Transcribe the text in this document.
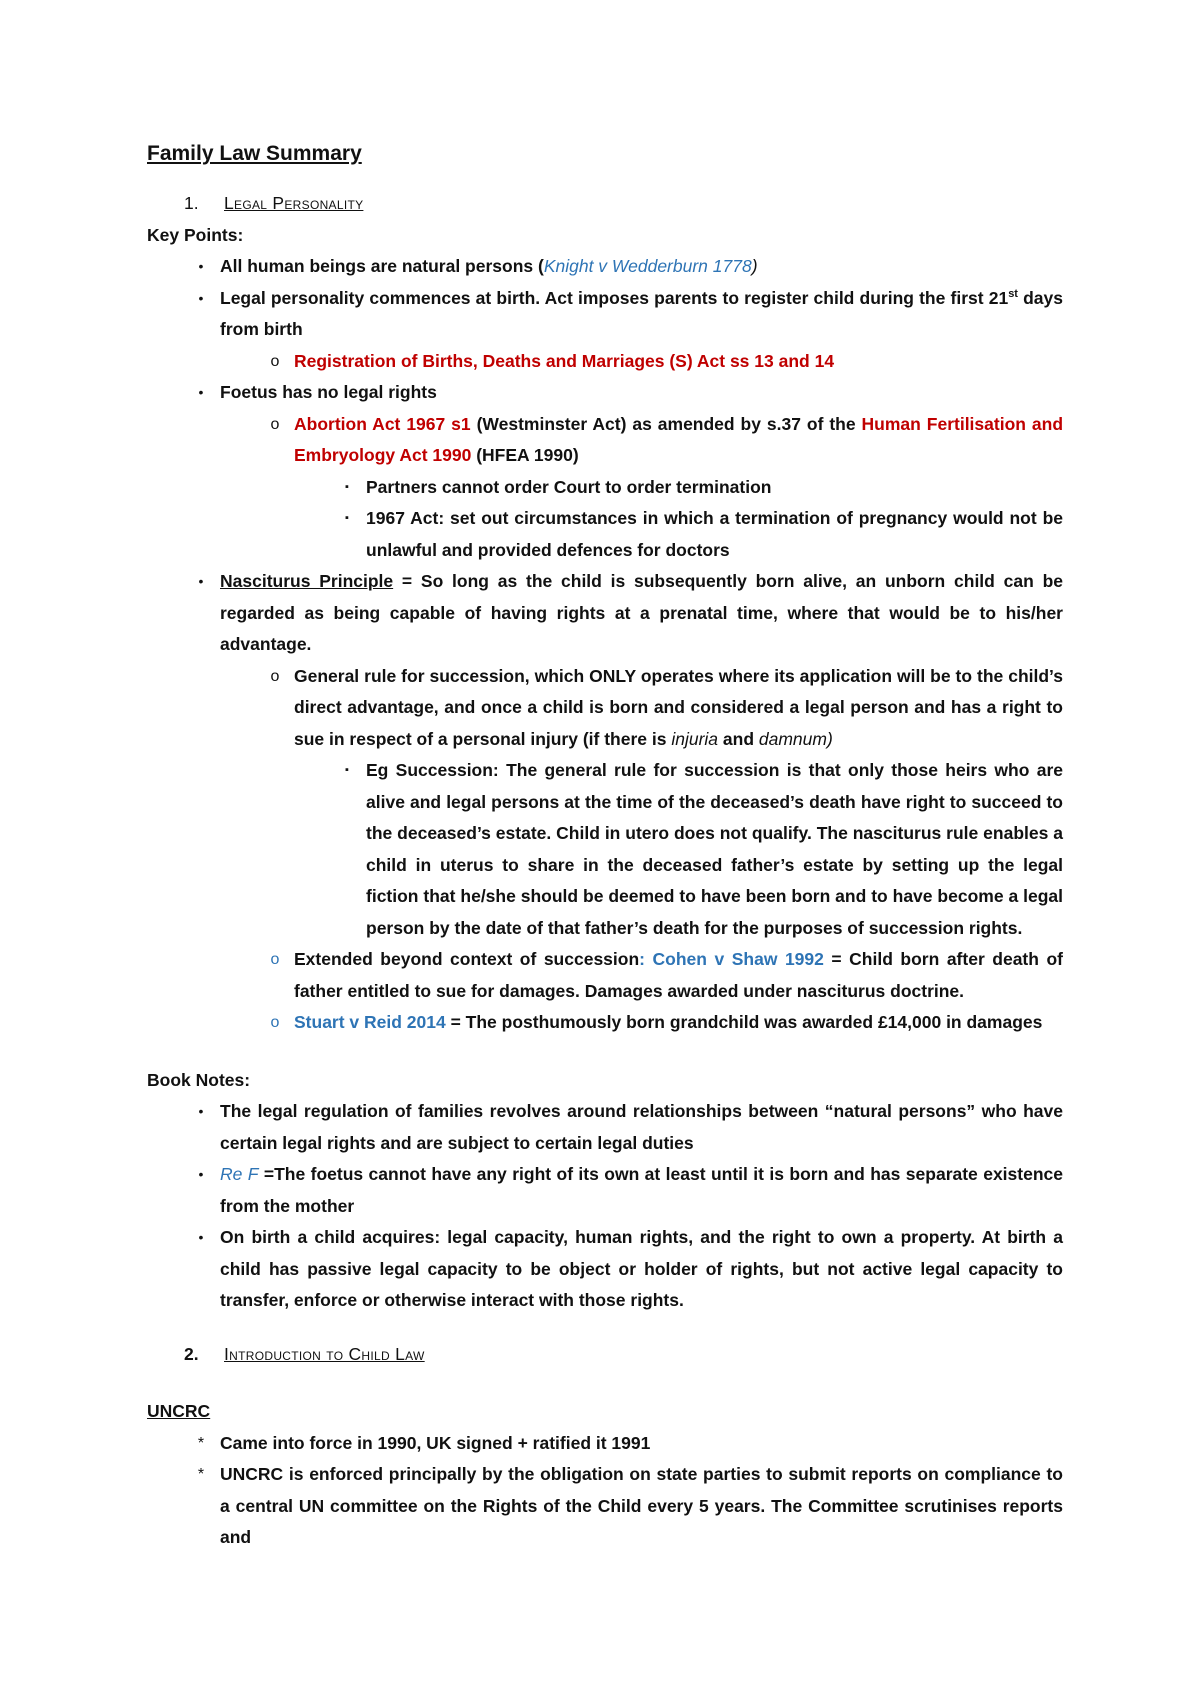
Family Law Summary
1.	Legal Personality
Key Points:
• All human beings are natural persons (Knight v Wedderburn 1778)
• Legal personality commences at birth. Act imposes parents to register child during the first 21st days from birth
o Registration of Births, Deaths and Marriages (S) Act ss 13 and 14
• Foetus has no legal rights
o Abortion Act 1967 s1 (Westminster Act) as amended by s.37 of the Human Fertilisation and Embryology Act 1990 (HFEA 1990)
▪ Partners cannot order Court to order termination
▪ 1967 Act: set out circumstances in which a termination of pregnancy would not be unlawful and provided defences for doctors
• Nasciturus Principle = So long as the child is subsequently born alive, an unborn child can be regarded as being capable of having rights at a prenatal time, where that would be to his/her advantage.
o General rule for succession, which ONLY operates where its application will be to the child’s direct advantage, and once a child is born and considered a legal person and has a right to sue in respect of a personal injury (if there is injuria and damnum)
▪ Eg Succession: The general rule for succession is that only those heirs who are alive and legal persons at the time of the deceased’s death have right to succeed to the deceased’s estate. Child in utero does not qualify. The nasciturus rule enables a child in uterus to share in the deceased father’s estate by setting up the legal fiction that he/she should be deemed to have been born and to have become a legal person by the date of that father’s death for the purposes of succession rights.
o Extended beyond context of succession: Cohen v Shaw 1992 = Child born after death of father entitled to sue for damages. Damages awarded under nasciturus doctrine.
o Stuart v Reid 2014 = The posthumously born grandchild was awarded £14,000 in damages
Book Notes:
• The legal regulation of families revolves around relationships between “natural persons” who have certain legal rights and are subject to certain legal duties
• Re F =The foetus cannot have any right of its own at least until it is born and has separate existence from the mother
• On birth a child acquires: legal capacity, human rights, and the right to own a property. At birth a child has passive legal capacity to be object or holder of rights, but not active legal capacity to transfer, enforce or otherwise interact with those rights.
2.	Introduction to Child Law
UNCRC
* Came into force in 1990, UK signed + ratified it 1991
* UNCRC is enforced principally by the obligation on state parties to submit reports on compliance to a central UN committee on the Rights of the Child every 5 years. The Committee scrutinises reports and
